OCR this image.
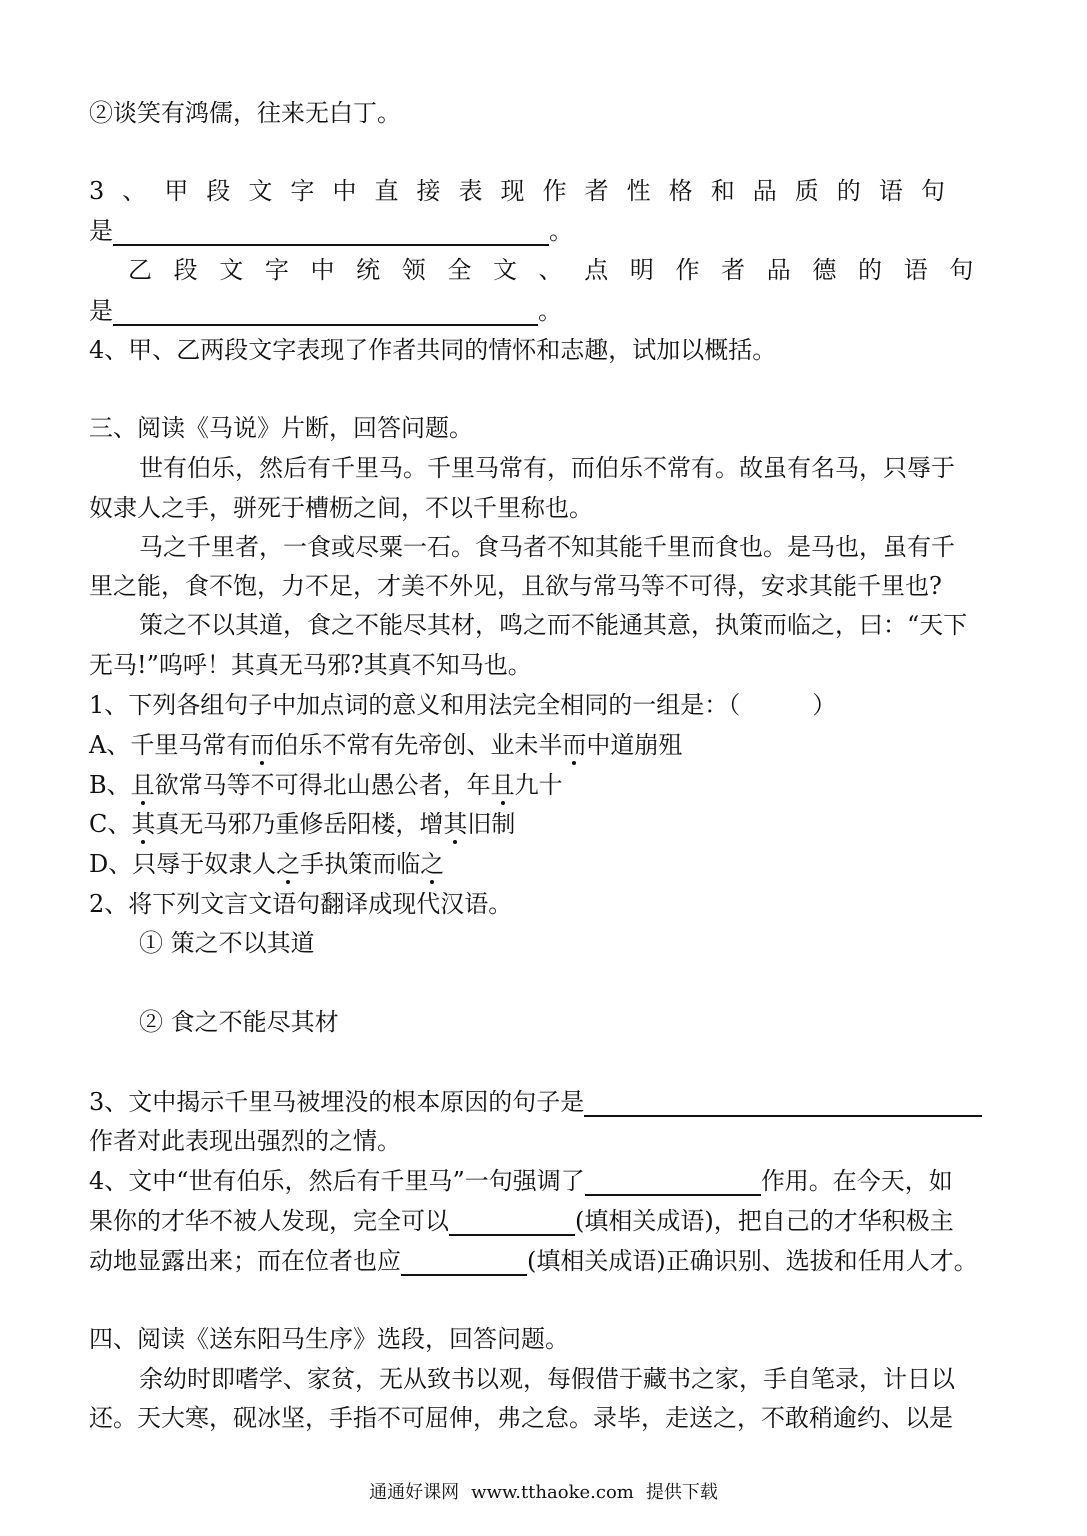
②谈笑有鸿儒，往来无白丁。
3 、 甲 段 文 字 中 直 接 表 现 作 者 性 格 和 品 质 的 语 句
是	。
乙 段 文 字 中 统 领 全 文 、 点 明 作 者 品 德 的 语 句
是	。
4、甲、乙两段文字表现了作者共同的情怀和志趣，试加以概括。
三、阅读《马说》片断，回答问题。
世有伯乐，然后有千里马。千里马常有，而伯乐不常有。故虽有名马，只辱于
奴隶人之手，骈死于槽枥之间，不以千里称也。
马之千里者，一食或尽粟一石。食马者不知其能千里而食也。是马也，虽有千
里之能，食不饱，力不足，才美不外见，且欲与常马等不可得，安求其能千里也?
策之不以其道，食之不能尽其材，鸣之而不能通其意，执策而临之，曰：“天下
无马!”呜呼！其真无马邪?其真不知马也。
1、下列各组句子中加点词的意义和用法完全相同的一组是：（　　　）
A、千里马常有而伯乐不常有先帝创、业未半而中道崩殂
B、且欲常马等不可得北山愚公者，年且九十
C、其真无马邪乃重修岳阳楼，增其旧制
D、只辱于奴隶人之手执策而临之
2、将下列文言文语句翻译成现代汉语。
① 策之不以其道
② 食之不能尽其材
3、文中揭示千里马被埋没的根本原因的句子是
作者对此表现出强烈的之情。
4、文中“世有伯乐，然后有千里马”一句强调了	作用。在今天，如
果你的才华不被人发现，完全可以	(填相关成语)，把自己的才华积极主
动地显露出来；而在位者也应	(填相关成语)正确识别、选拔和任用人才。
四、阅读《送东阳马生序》选段，回答问题。
余幼时即嗜学、家贫，无从致书以观，每假借于藏书之家，手自笔录，计日以
还。天大寒，砚冰坚，手指不可屈伸，弗之怠。录毕，走送之，不敢稍逾约、以是
通通好课网 www.tthaoke.com 提供下载
